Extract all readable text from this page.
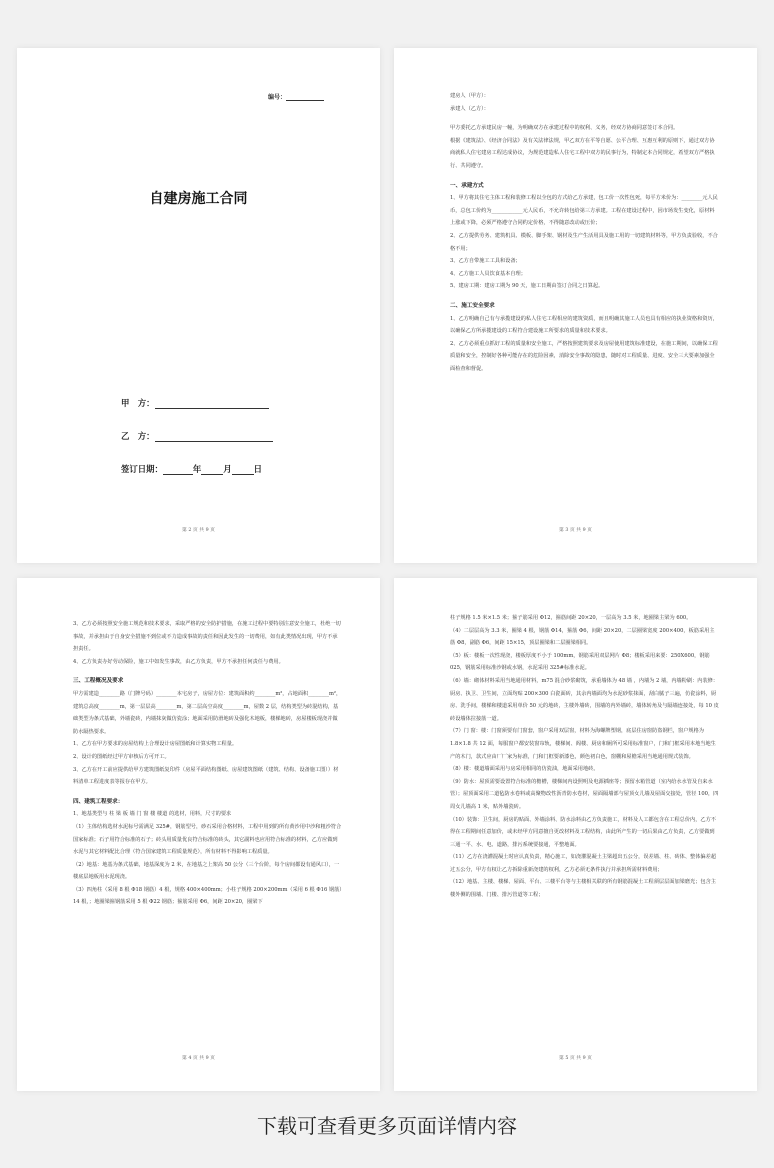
编号：
自建房施工合同
甲　方：
乙　方：
签订日期：	年	月	日
第 2 页 共 9 页

建房人（甲方）：

承建人（乙方）：

甲方委托乙方承建民房一幢，为明确双方在承建过程中的权利、义务，经双方协商同意签订本合同。

根据《建筑法》、《经济合同法》及有关法律法规，甲乙双方在平等自愿、公平合理、互惠互利的原则下，通过双方协商就私人住宅建房工程达成协议，为规范建造私人住宅工程中双方的民事行为，特制定本合同规定，希望双方严格执行、共同遵守。

一、承建方式

1、甲方将其住宅主体工程和装修工程以全包的方式给乙方承建，包工价一次性包死，每平方米价为：________元人民币，总包工价约为____________元人民币，不允许转包给第三方承建。工程在建设过程中，因市场发生变化，原材料上涨或下降，必须严格遵守合同约定价格，不得随意改动或压价；

2、乙方提供劳务、建筑机具、模板、脚手架、钢材及生产生活用具及施工用的一切建筑材料等，甲方负责验收，不合格不用；

3、乙方自带施工工具和设备；

4、乙方施工人员饮食基本自理；

5、建房工期：建房工期为 90 天，施工日期由签订合同之日算起。

二、施工安全要求

1、乙方明确自己有与承揽建设的私人住宅工程相应的建筑资质，而且明确其施工人员也具有相应的执业资格和资历，以确保乙方所承揽建设的工程符合建设施工所要求的质量和技术要求。

2、乙方必须重点抓好工程的质量和安全施工，严格按照建筑要求及房屋使用建筑标准建设，在施工期间，以确保工程质量和安全，控制好各种可能存在的危险因素，消除安全事故的隐患，随时对工程质量、进度、安全三大要素加强全面检查和督促。

第 3 页 共 9 页

3、乙方必须按照安全施工规范和技术要求，采取严格的安全防护措施，在施工过程中要特别注意安全施工，杜绝一切事故，并承担由于自身安全措施不到位或不力造成事故的责任和因此发生的一切费用，如有此类情况出现，甲方不承担责任。

4、乙方负责办好劳动保险，施工中如发生事故，由乙方负责，甲方不承担任何责任与费用。

三、工程概况及要求

甲方需建造________路（门牌号码）________本宅房子，房屋方位：建筑面积约________m²，占地面积________m²，建筑总高度________m，第一层层高________m，第二层高空高度________m，屋数 2 层，结构类型为砖混结构，基础类型为条式基础，外墙瓷砖，内墙抹灰做仿瓷涂；地面采用防滑地砖及强化木地板，楼梯地砖，房屋楼板现浇并做防水隔热要求。

1、乙方在甲方要求的房屋结构上合理设计房屋图纸和计算实物工程量。

2、设计的图纸经过甲方审核后方可开工。

3、乙方在开工前应提供给甲方建筑图纸复印件（房屋平面结构图纸、房屋建筑图纸（建筑、结构、设备施工图））材料清单工程进度表等报存在甲方。

四、建筑工程要求：

1、地基类型与 柱 梁 板 墙 门 窗 楼 楼道 的选材，用料，尺寸的要求

（1）主体结构选材水泥标号需满足 325#，钢筋型号，砂石采用合格材料，工程中用到的所有黄沙用中沙和粗沙符合国家标准；石子用符合标准的石子；砖头用质量优良符合标准的砖头，其它副料也应用符合标准的材料，乙方应做到水泥与其它材料配比合理（符合国家建筑工程质量规范），所有材料不得影响工程质量。

（2）地基：地基为条式基础，地基深度为 2 米，在地基之上架高 50 公分（三个台阶，每个房间都设有通风口），一楼底层地板用水泥现浇。

（3）四角柱（采用 8 根 Φ18 钢筋）4 根，规格 400×400mm；小柱子规格 200×200mm（采用 6 根 Φ16 钢筋）14 根，；地圈梁箍钢筋采用 5 根 Φ22 钢筋；箍筋采用 Φ6，间距 20×20，圈梁下

第 4 页 共 9 页

柱子规格 1.5 米×1.5 米；箍子筋采用 Φ12，箍筋间距 20×20，一层高为 3.5 米，地圈梁主梁为 600。

（4）二层层高为 3.3 米，圈梁 4 根，钢筋 Φ14，箍筋 Φ6，间距 20×20，二层圈梁宽度 200×400，板筋采用主筋 Φ8，副筋 Φ6，间距 15×15，顶层圈梁和二层圈梁相同。

（5）板：楼板一次性现浇，楼板厚度不小于 100mm，钢筋采用双层网片 Φ8；楼板采用来要：250X600，钢筋 025，钢筋采用标准沙钢或水钢，水泥采用 325#标准水泥。

（6）墙：砌体材料采用当地通用材料，m75 混合砂浆砌筑，承重墙体为 48 墙 ，内墙为 2 墙，内墙粉刷：内装修：厨房、执卫、卫生间，立面均贴 200×300 白瓷面砖，其余内墙面均为水泥砂浆抹面，刮白腻子三遍，仿瓷涂料，厨房、洗手间，楼梯和楼道采用单价 50 元的地砖，主楼外墙砖，围墙的内外墙砖，墙体转角及与隔墙连接处，每 10 皮砖设墙体拉接筋一道。

（7）门 窗：楼：门窗须要有门窗套，窗户采用双层窗，材料为海螺牌塑钢，底层住房窗防盗钢栏，窗户规格为 1.8×1.8 共 12 面，每服窗户都安装窗帘轨，楼梯间、阁楼、厨房和厕所可采用标准窗户，门和门框采用本地当地生产的木门，款式应由厂厂家为标准，门和门框要新漆色，颜色初白色，窗棚和屋檐采用当地通用规式装饰。

（8）楼：楼道墙面采用与房采用相同的仿瓷油，地面采用地砖。

（9）防水：屋顶需要设置符合标准的檐槽，楼梯间内设照明及电源插座等；预留水箱管道（室内给水水管及自来水管）；屋顶面采用二道毡防水卷料或高聚物改性沥青防水卷材，屋面隔墙部与屋顶女儿墙及屋面交接处，管径 100，四周女儿墙高 1 米，贴外墙瓷砖。

（10）装饰：卫生间，厨房的贴面、外墙涂料、防水涂料由乙方负责施工，材料及人工都包含在工程总价内，乙方不得在工程期间任意加价，或未经甲方同意擅自更改材料及工程结构，由此所产生的一切后果由乙方负责，乙方要做到三通一平、水、电、道路，排污系统要接通，平整地面。

（11）乙方在浇灌混凝土时应认真负责，精心施工，如浇灌混凝土主梁超出五公分，误差墙、柱、砖体、整体偏差超过五公分，甲方有权让乙方拆除重新浇建的权利，乙方必须无条件执行并承担所需材料费用；

（12）地基、主楼、楼梯、屋面、平台、三楼平台等与主楼相关联的所有钢筋混凝土工程须层层面加梁磨光；包含主楼外侧的围墙、门楼、排污管道等工程；

第 5 页 共 9 页
下载可查看更多页面详情内容
